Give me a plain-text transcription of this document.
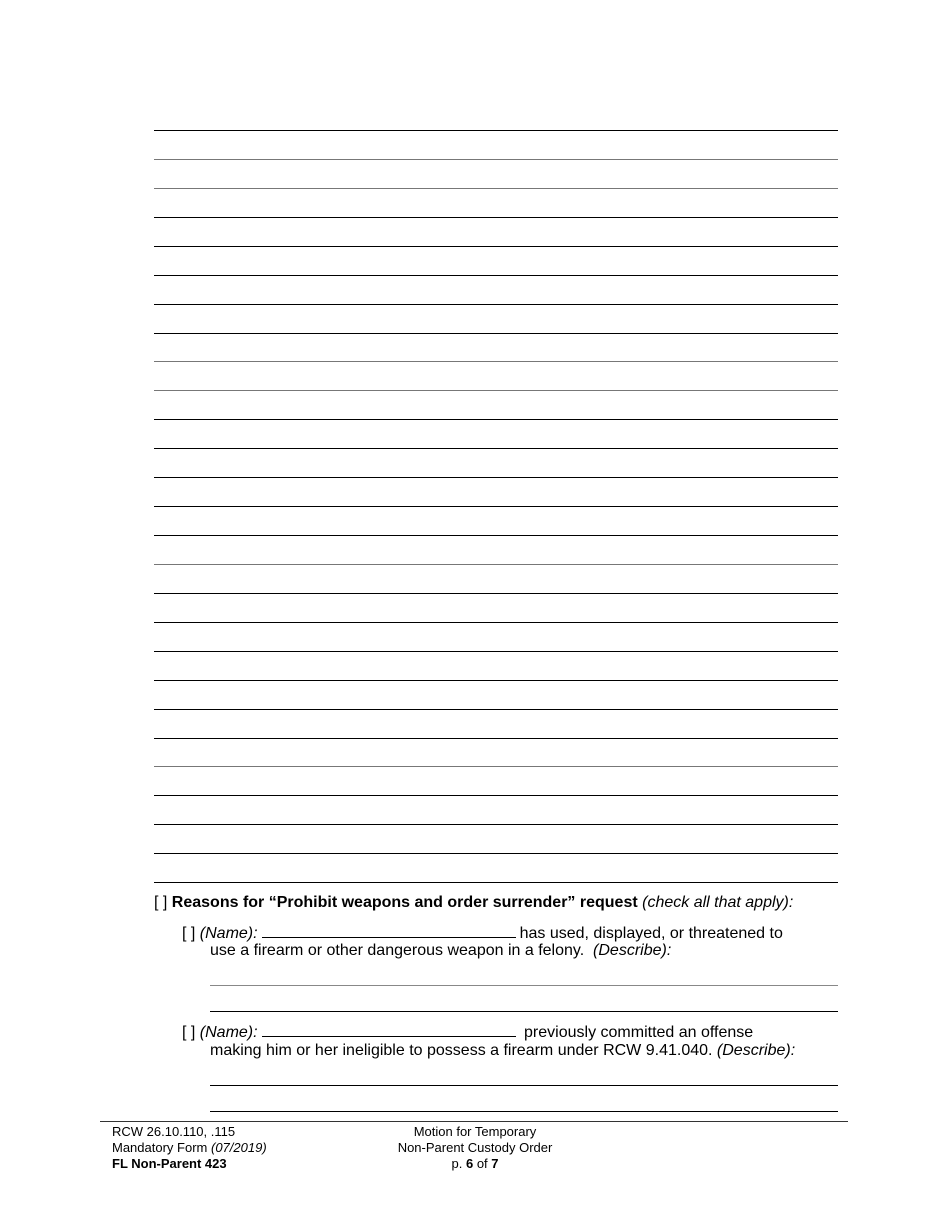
[ ] Reasons for “Prohibit weapons and order surrender” request (check all that apply):
[ ] (Name):	has used, displayed, or threatened to
use a firearm or other dangerous weapon in a felony. (Describe):
[ ] (Name):	previously committed an offense
making him or her ineligible to possess a firearm under RCW 9.41.040. (Describe):
RCW 26.10.110, .115
Mandatory Form (07/2019)
FL Non-Parent 423
Motion for Temporary
Non-Parent Custody Order
p. 6 of 7
